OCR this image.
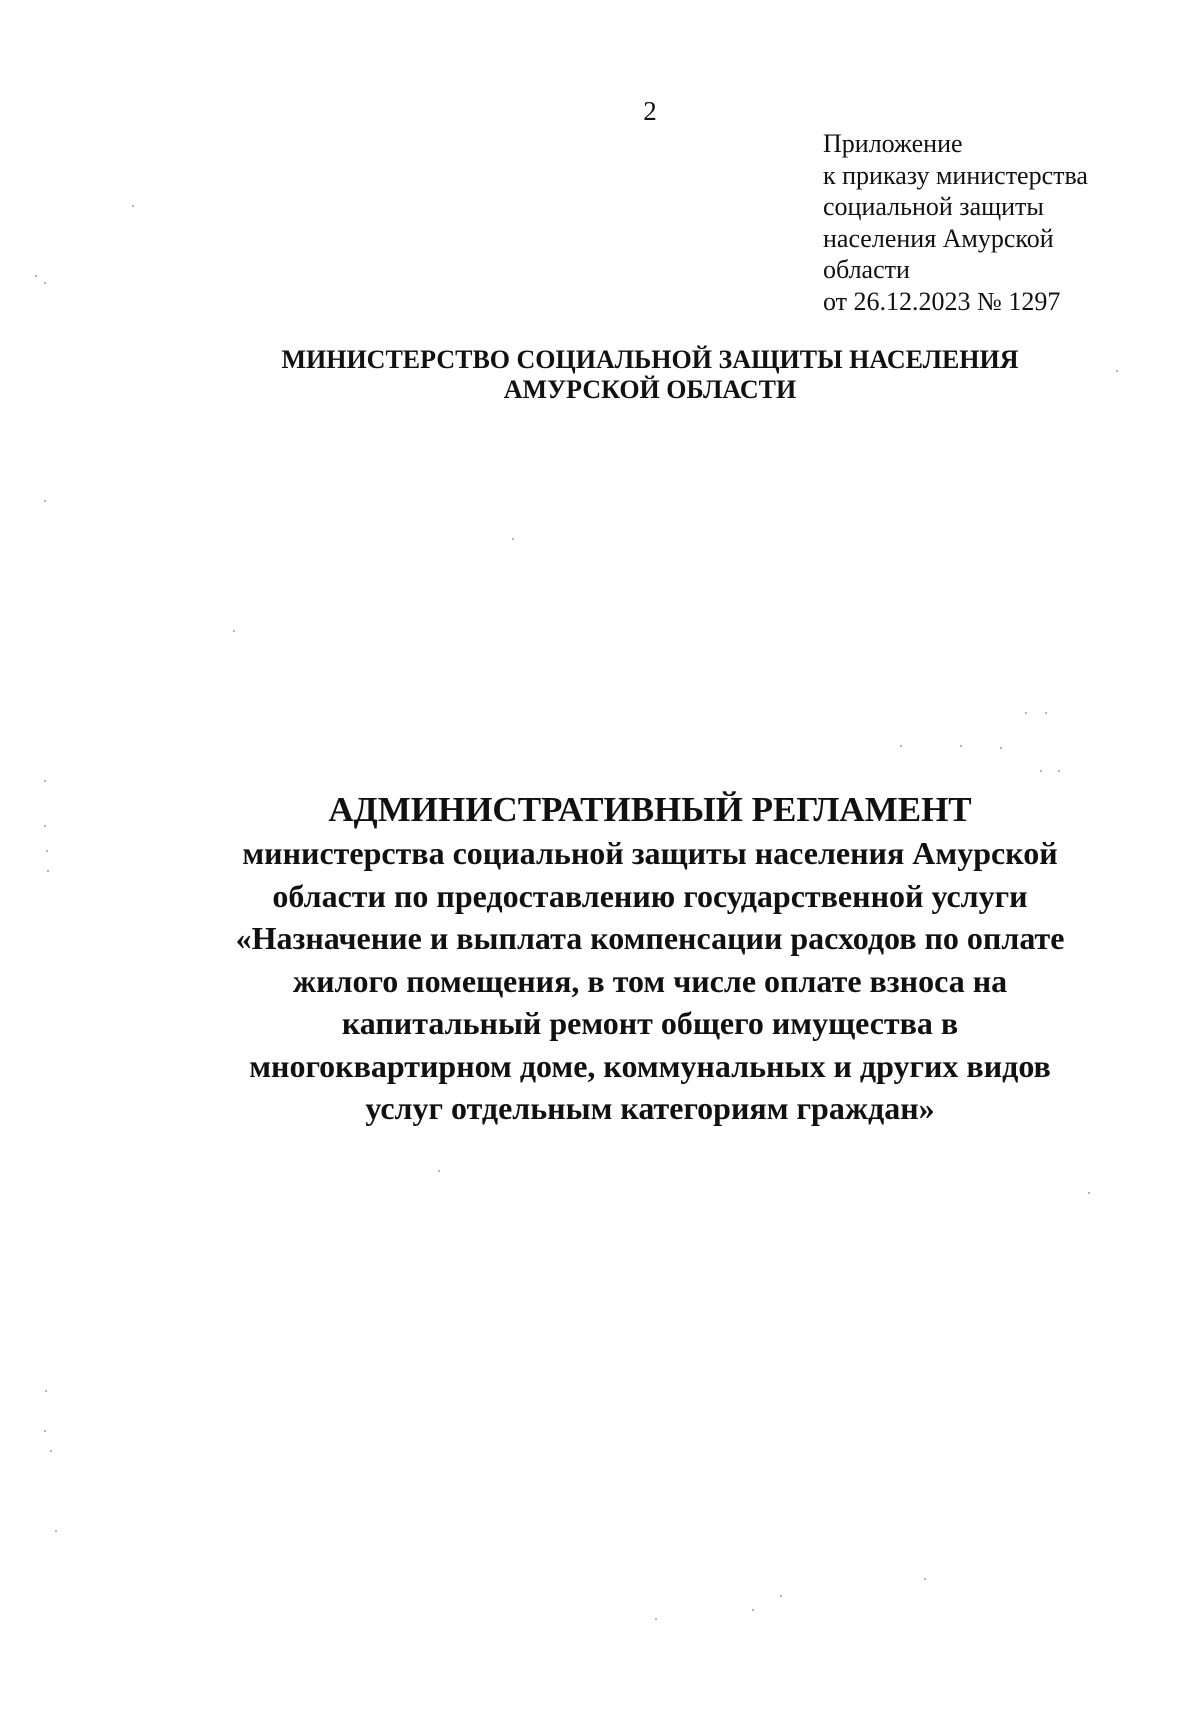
2
Приложение
к приказу министерства
социальной защиты
населения Амурской
области
от 26.12.2023 № 1297
МИНИСТЕРСТВО СОЦИАЛЬНОЙ ЗАЩИТЫ НАСЕЛЕНИЯ
АМУРСКОЙ ОБЛАСТИ
АДМИНИСТРАТИВНЫЙ РЕГЛАМЕНТ
министерства социальной защиты населения Амурской
области по предоставлению государственной услуги
«Назначение и выплата компенсации расходов по оплате
жилого помещения, в том числе оплате взноса на
капитальный ремонт общего имущества в
многоквартирном доме, коммунальных и других видов
услуг отдельным категориям граждан»
